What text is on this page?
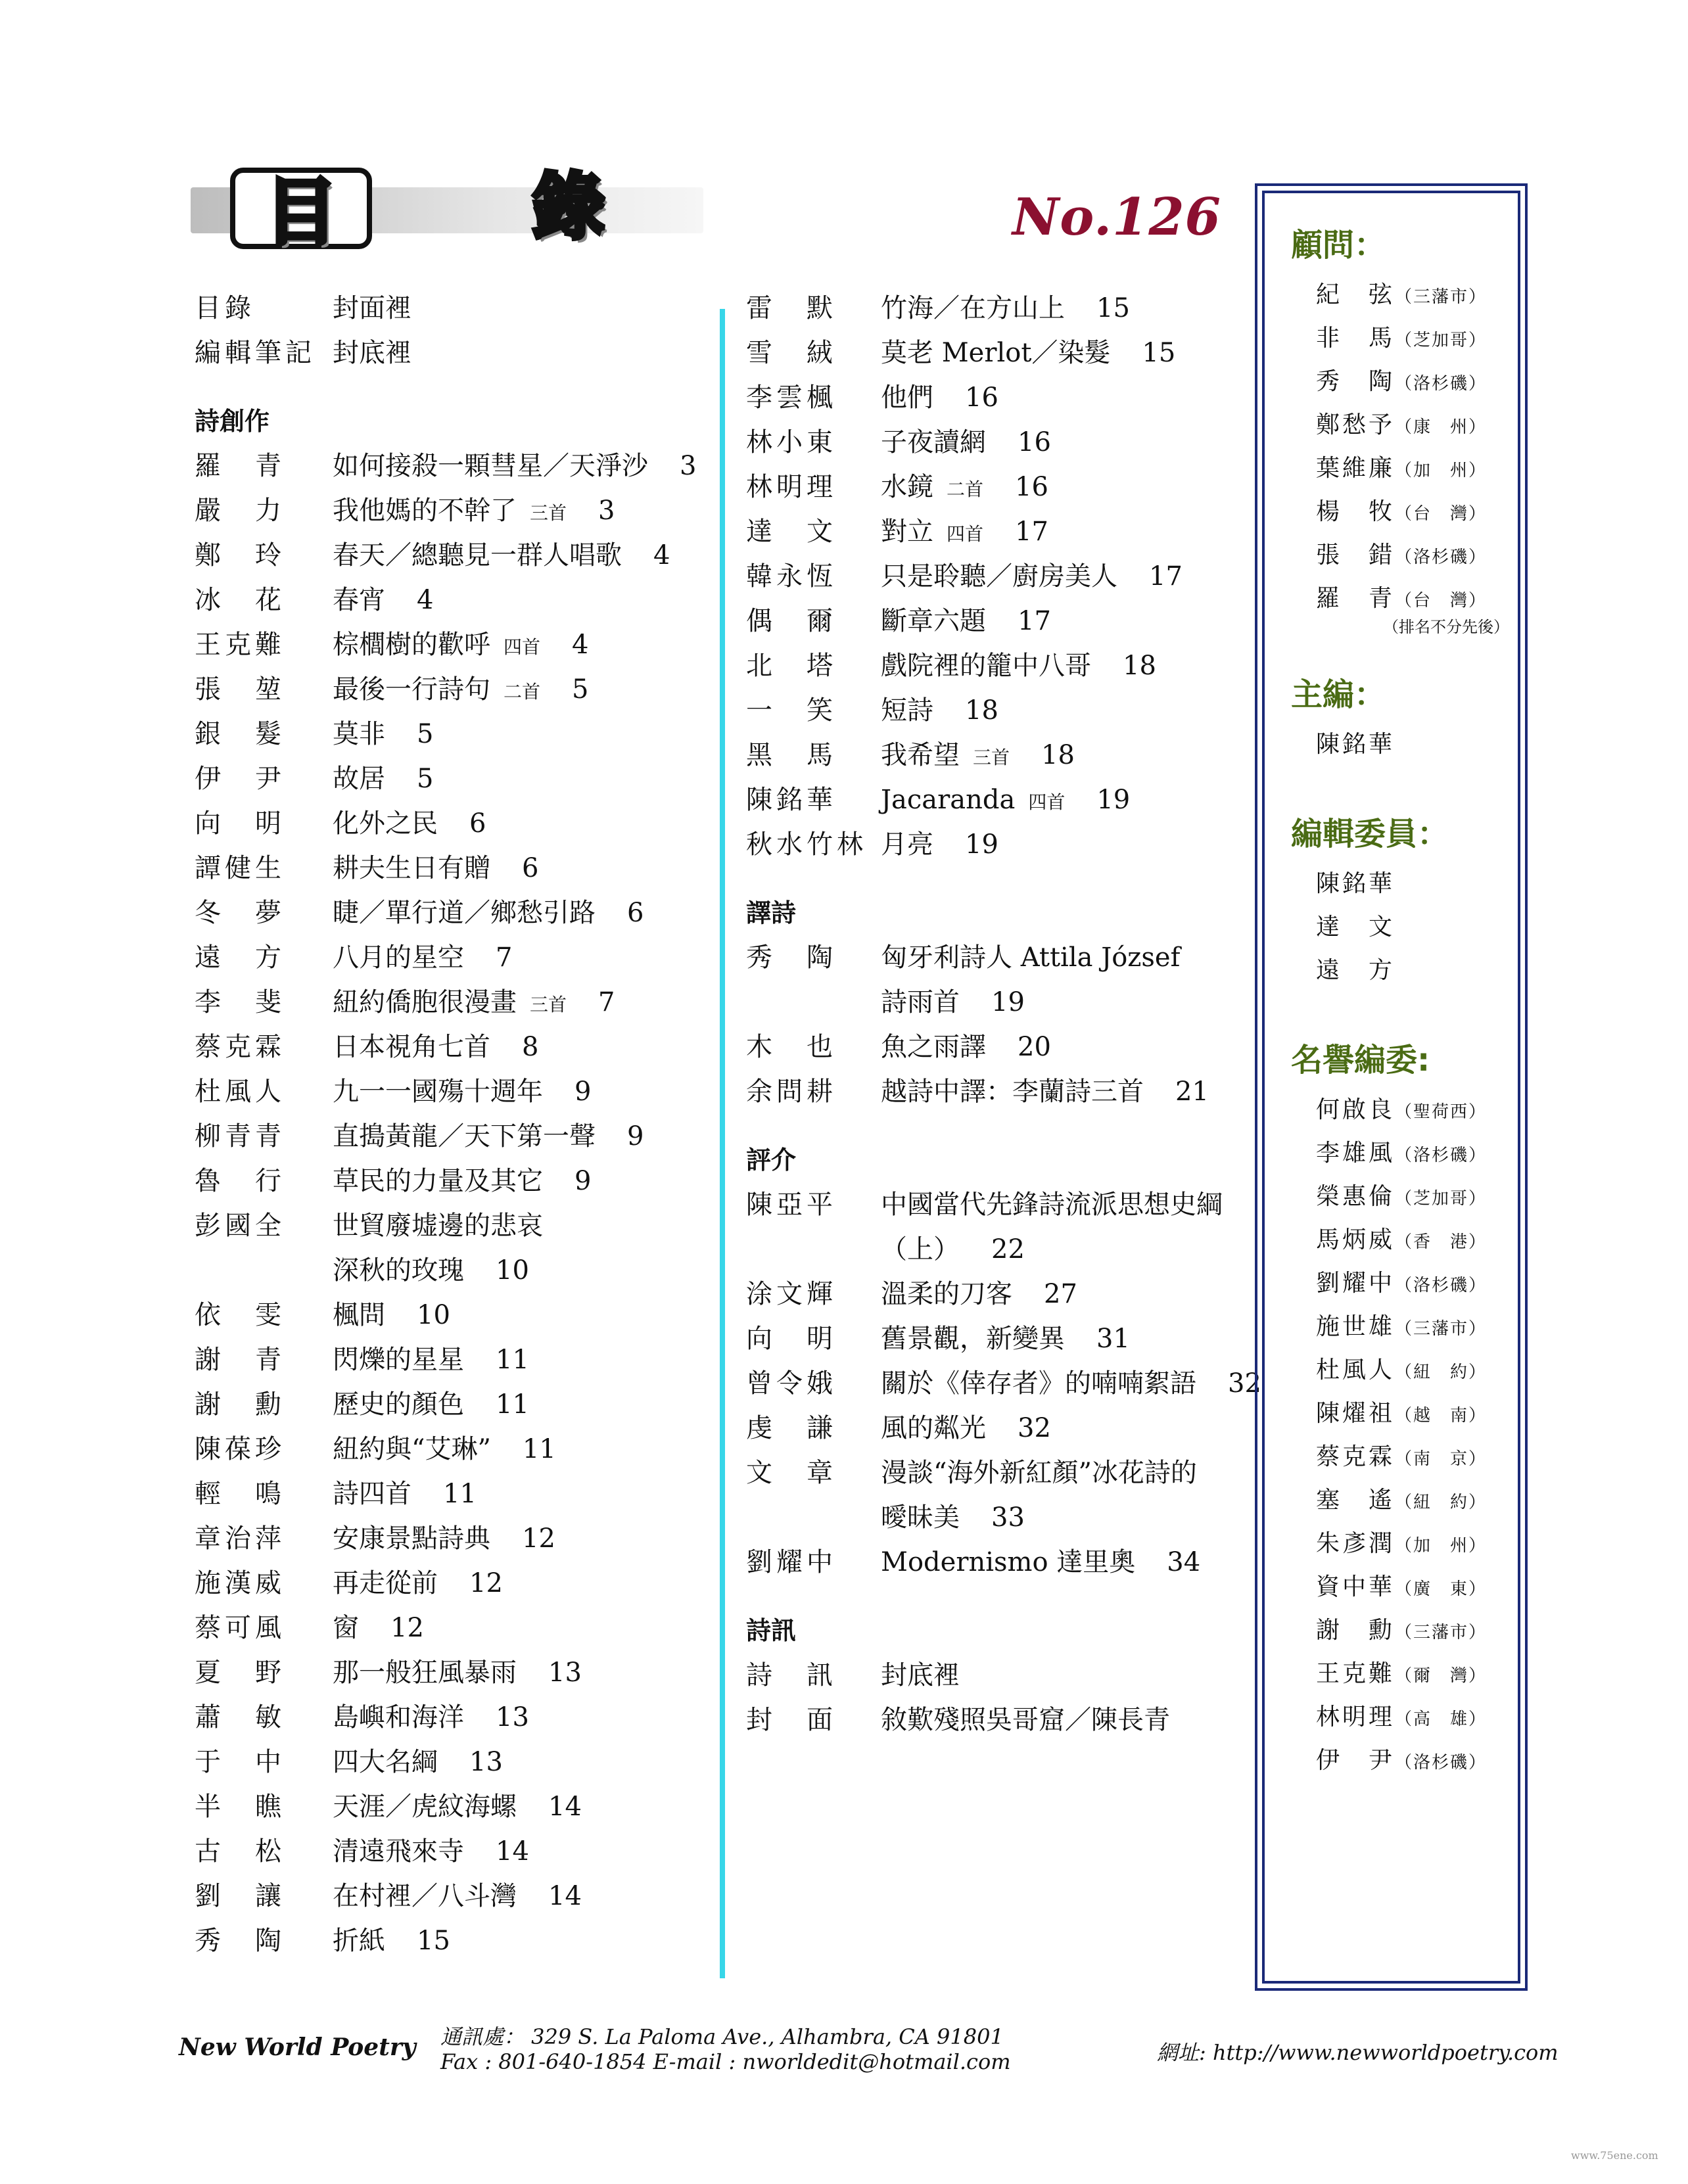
目	錄	No.126
目錄	封面裡
編輯筆記 封底裡
詩創作
羅　青 如何接殺一顆彗星／天淨沙 3
嚴　力 我他媽的不幹了 三首 3
鄭　玲 春天／總聽見一群人唱歌 4
冰　花 春宵 4
王克難 棕櫚樹的歡呼 四首 4
張　堃 最後一行詩句 二首 5
銀　髮 莫非 5
伊　尹 故居 5
向　明 化外之民 6
譚健生 耕夫生日有贈 6
冬　夢 睫／單行道／鄉愁引路 6
遠　方 八月的星空 7
李　斐 紐約僑胞很漫畫 三首 7
蔡克霖 日本視角七首 8
杜風人 九一一國殤十週年 9
柳青青 直搗黃龍／天下第一聲 9
魯　行 草民的力量及其它 9
彭國全 世貿廢墟邊的悲哀
深秋的玫瑰 10
依　雯 楓問 10
謝　青 閃爍的星星 11
謝　勳 歷史的顏色 11
陳葆珍 紐約與“艾琳” 11
輕　鳴 詩四首 11
章治萍 安康景點詩典 12
施漢威 再走從前 12
蔡可風 窗 12
夏　野 那一般狂風暴雨 13
蕭　敏 島嶼和海洋 13
于　中 四大名綱 13
半　瞧 天涯／虎紋海螺 14
古　松 清遠飛來寺 14
劉　讓 在村裡／八斗灣 14
秀　陶 折紙 15
雷　默 竹海／在方山上 15
雪　絨 莫老 Merlot／染髮 15
李雲楓 他們 16
林小東 子夜讀網 16
林明理 水鏡 二首 16
達　文 對立 四首 17
韓永恆 只是聆聽／廚房美人 17
偶　爾 斷章六題 17
北　塔 戲院裡的籠中八哥 18
一　笑 短詩 18
黑　馬 我希望 三首 18
陳銘華 Jacaranda 四首 19
秋水竹林 月亮 19
譯詩
秀　陶 匈牙利詩人 Attila József
詩雨首 19
木　也 魚之雨譯 20
余問耕 越詩中譯：李蘭詩三首 21
評介
陳亞平 中國當代先鋒詩流派思想史綱
（上） 22
涂文輝 溫柔的刀客 27
向　明 舊景觀，新變異 31
曾令娥 關於《倖存者》的喃喃絮語 32
虔　謙 風的粼光 32
文　章 漫談“海外新紅顏”冰花詩的
曖昧美 33
劉耀中 Modernismo 達里奧 34
詩訊
詩　訊 封底裡
封　面 敘歎殘照吳哥窟／陳長青
顧問：
紀　弦（三藩市）
非　馬（芝加哥）
秀　陶（洛杉磯）
鄭愁予（康　州）
葉維廉（加　州）
楊　牧（台　灣）
張　錯（洛杉磯）
羅　青（台　灣）
（排名不分先後）
主編：
陳銘華
編輯委員：
陳銘華
達　文
遠　方
名譽編委:
何啟良（聖荷西）
李雄風（洛杉磯）
榮惠倫（芝加哥）
馬炳威（香　港）
劉耀中（洛杉磯）
施世雄（三藩市）
杜風人（紐　約）
陳燿祖（越　南）
蔡克霖（南　京）
塞　遙（紐　約）
朱彥潤（加　州）
資中華（廣　東）
謝　勳（三藩市）
王克難（爾　灣）
林明理（高　雄）
伊　尹（洛杉磯）
New World Poetry 通訊處： 329 S. La Paloma Ave., Alhambra, CA 91801
Fax : 801-640-1854 E-mail : nworldedit@hotmail.com	網址: http://www.newworldpoetry.com
www.75ene.com
